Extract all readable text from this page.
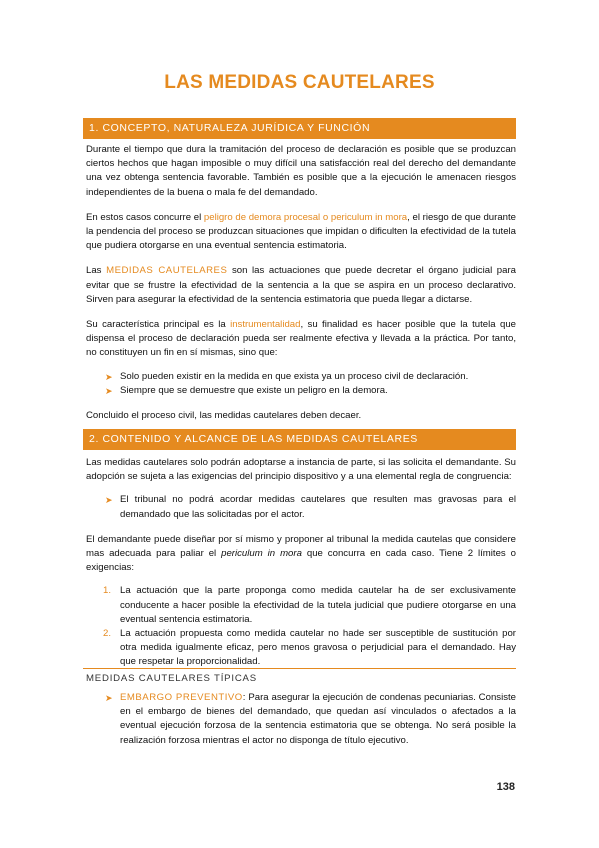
LAS MEDIDAS CAUTELARES
1. CONCEPTO, NATURALEZA JURÍDICA Y FUNCIÓN

Durante el tiempo que dura la tramitación del proceso de declaración es posible que se produzcan ciertos hechos que hagan imposible o muy difícil una satisfacción real del derecho del demandante una vez obtenga sentencia favorable. También es posible que a la ejecución le amenacen riesgos independientes de la buena o mala fe del demandado.

En estos casos concurre el peligro de demora procesal o periculum in mora, el riesgo de que durante la pendencia del proceso se produzcan situaciones que impidan o dificulten la efectividad de la tutela que pudiera otorgarse en una eventual sentencia estimatoria.

Las MEDIDAS CAUTELARES son las actuaciones que puede decretar el órgano judicial para evitar que se frustre la efectividad de la sentencia a la que se aspira en un proceso declarativo. Sirven para asegurar la efectividad de la sentencia estimatoria que pueda llegar a dictarse.

Su característica principal es la instrumentalidad, su finalidad es hacer posible que la tutela que dispensa el proceso de declaración pueda ser realmente efectiva y llevada a la práctica. Por tanto, no constituyen un fin en sí mismas, sino que:

➤ Solo pueden existir en la medida en que exista ya un proceso civil de declaración.
➤ Siempre que se demuestre que existe un peligro en la demora.

Concluido el proceso civil, las medidas cautelares deben decaer.

2. CONTENIDO Y ALCANCE DE LAS MEDIDAS CAUTELARES

Las medidas cautelares solo podrán adoptarse a instancia de parte, si las solicita el demandante. Su adopción se sujeta a las exigencias del principio dispositivo y a una elemental regla de congruencia:

➤ El tribunal no podrá acordar medidas cautelares que resulten mas gravosas para el demandado que las solicitadas por el actor.

El demandante puede diseñar por sí mismo y proponer al tribunal la medida cautelas que considere mas adecuada para paliar el periculum in mora que concurra en cada caso. Tiene 2 límites o exigencias:

1. La actuación que la parte proponga como medida cautelar ha de ser exclusivamente conducente a hacer posible la efectividad de la tutela judicial que pudiere otorgarse en una eventual sentencia estimatoria.
2. La actuación propuesta como medida cautelar no hade ser susceptible de sustitución por otra medida igualmente eficaz, pero menos gravosa o perjudicial para el demandado. Hay que respetar la proporcionalidad.
MEDIDAS CAUTELARES TÍPICAS
➤ EMBARGO PREVENTIVO: Para asegurar la ejecución de condenas pecuniarias. Consiste en el embargo de bienes del demandado, que quedan así vinculados o afectados a la eventual ejecución forzosa de la sentencia estimatoria que se obtenga. No será posible la realización forzosa mientras el actor no disponga de título ejecutivo.
138
